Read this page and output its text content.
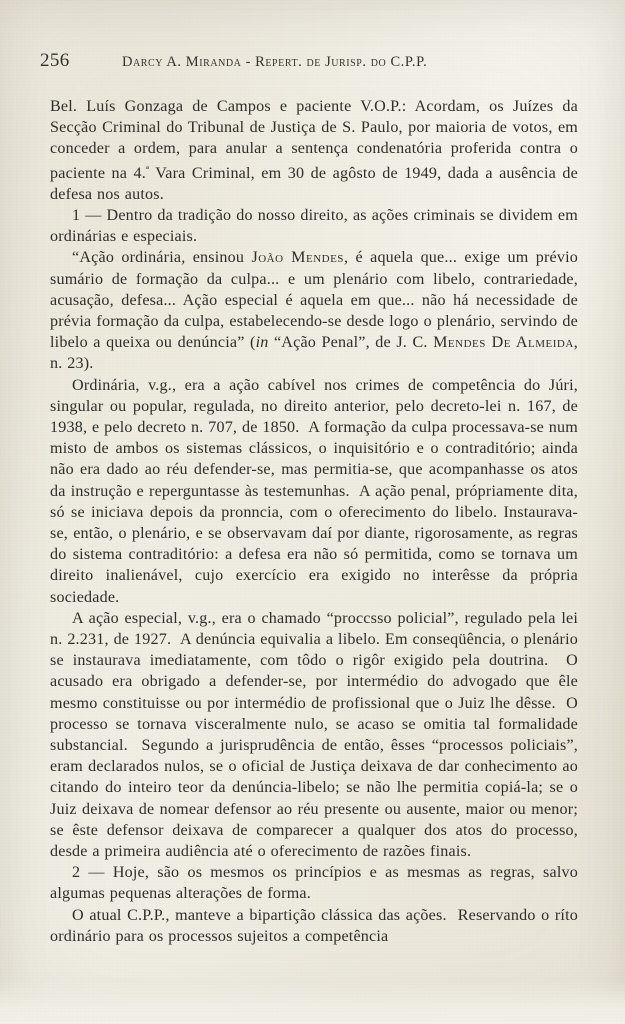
256	Darcy A. Miranda - Repert. de Jurisp. do C.P.P.

Bel. Luís Gonzaga de Campos e paciente V.O.P.: Acordam, os Juízes da Secção Criminal do Tribunal de Justiça de S. Paulo, por maioria de votos, em conceder a ordem, para anular a sentença condenatória proferida contra o paciente na 4.$^ª$ Vara Criminal, em 30 de agôsto de 1949, dada a ausência de defesa nos autos.

1 — Dentro da tradição do nosso direito, as ações criminais se dividem em ordinárias e especiais.

“Ação ordinária, ensinou João Mendes, é aquela que... exige um prévio sumário de formação da culpa... e um plenário com libelo, contrariedade, acusação, defesa... Ação especial é aquela em que... não há necessidade de prévia formação da culpa, estabelecendo-se desde logo o plenário, servindo de libelo a queixa ou denúncia” (in “Ação Penal”, de J. C. Mendes De Almeida, n. 23).

Ordinária, v.g., era a ação cabível nos crimes de competência do Júri, singular ou popular, regulada, no direito anterior, pelo decreto-lei n. 167, de 1938, e pelo decreto n. 707, de 1850.  A formação da culpa processava-se num misto de ambos os sistemas clássicos, o inquisitório e o contraditório; ainda não era dado ao réu defender-se, mas permitia-se, que acompanhasse os atos da instrução e reperguntasse às testemunhas.  A ação penal, própriamente dita, só se iniciava depois da pronncia, com o oferecimento do libelo. Instaurava-se, então, o plenário, e se observavam daí por diante, rigorosamente, as regras do sistema contraditório: a defesa era não só permitida, como se tornava um direito inalienável, cujo exercício era exigido no interêsse da própria sociedade.

A ação especial, v.g., era o chamado “proccsso policial”, regulado pela lei n. 2.231, de 1927.  A denúncia equivalia a libelo. Em conseqüência, o plenário se instaurava imediatamente, com tôdo o rigôr exigido pela doutrina.  O acusado era obrigado a defender-se, por intermédio do advogado que êle mesmo constituisse ou por intermédio de profissional que o Juiz lhe dêsse.  O processo se tornava visceralmente nulo, se acaso se omitia tal formalidade substancial.  Segundo a jurisprudência de então, êsses “processos policiais”, eram declarados nulos, se o oficial de Justiça deixava de dar conhecimento ao citando do inteiro teor da denúncia-libelo; se não lhe permitia copiá-la; se o Juiz deixava de nomear defensor ao réu presente ou ausente, maior ou menor; se êste defensor deixava de comparecer a qualquer dos atos do processo, desde a primeira audiência até o oferecimento de razões finais.

2 — Hoje, são os mesmos os princípios e as mesmas as regras, salvo algumas pequenas alterações de forma.

O atual C.P.P., manteve a bipartição clássica das ações.  Reservando o ríto ordinário para os processos sujeitos a competência
